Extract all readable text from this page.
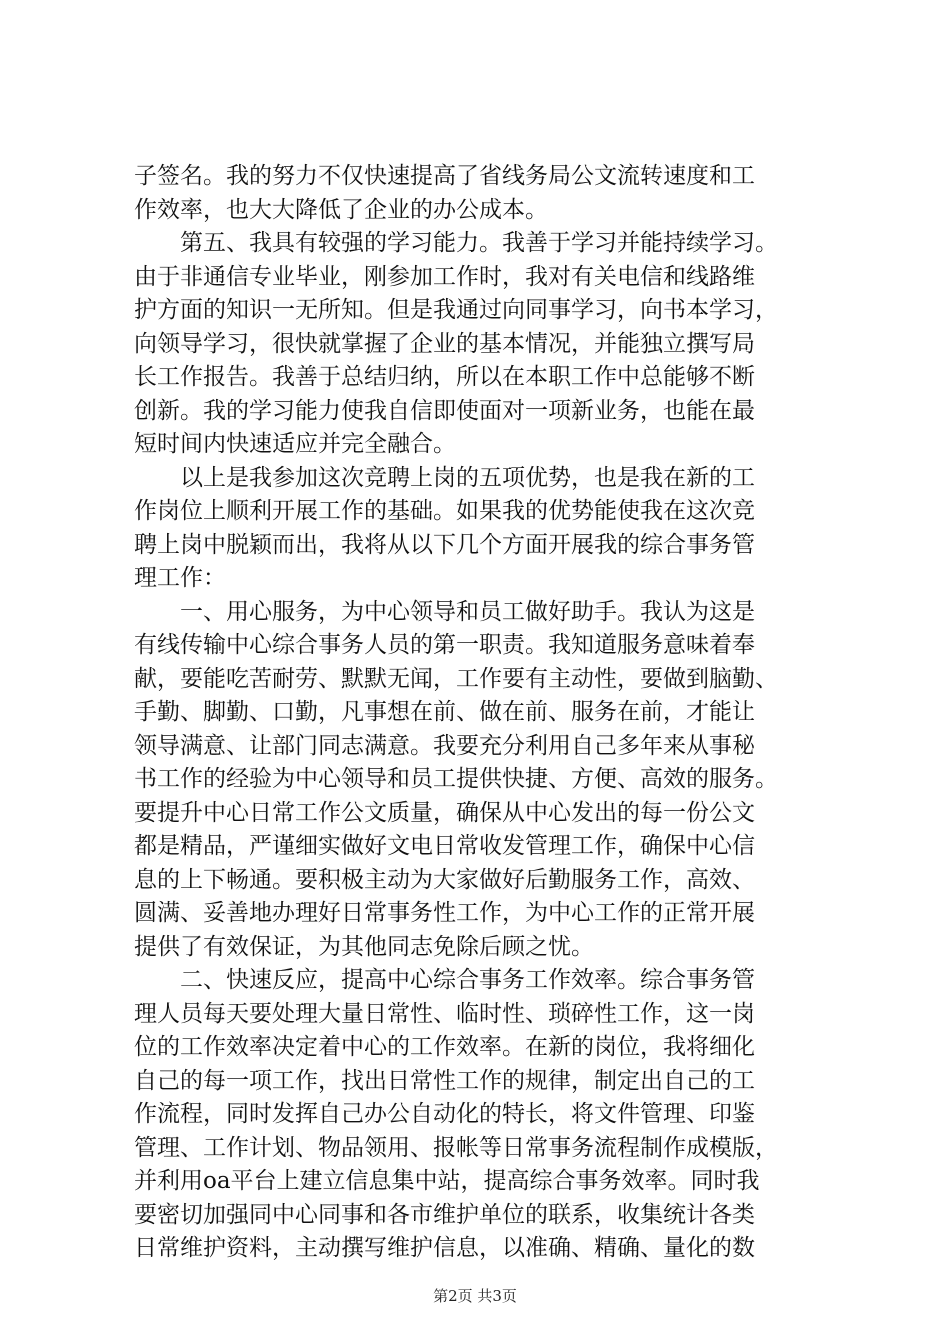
子签名。我的努力不仅快速提高了省线务局公文流转速度和工
作效率，也大大降低了企业的办公成本。
第五、我具有较强的学习能力。我善于学习并能持续学习。
由于非通信专业毕业，刚参加工作时，我对有关电信和线路维
护方面的知识一无所知。但是我通过向同事学习，向书本学习，
向领导学习，很快就掌握了企业的基本情况，并能独立撰写局
长工作报告。我善于总结归纳，所以在本职工作中总能够不断
创新。我的学习能力使我自信即使面对一项新业务，也能在最
短时间内快速适应并完全融合。
以上是我参加这次竞聘上岗的五项优势，也是我在新的工
作岗位上顺利开展工作的基础。如果我的优势能使我在这次竞
聘上岗中脱颖而出，我将从以下几个方面开展我的综合事务管
理工作：
一、用心服务，为中心领导和员工做好助手。我认为这是
有线传输中心综合事务人员的第一职责。我知道服务意味着奉
献，要能吃苦耐劳、默默无闻，工作要有主动性，要做到脑勤、
手勤、脚勤、口勤，凡事想在前、做在前、服务在前，才能让
领导满意、让部门同志满意。我要充分利用自己多年来从事秘
书工作的经验为中心领导和员工提供快捷、方便、高效的服务。
要提升中心日常工作公文质量，确保从中心发出的每一份公文
都是精品，严谨细实做好文电日常收发管理工作，确保中心信
息的上下畅通。要积极主动为大家做好后勤服务工作，高效、
圆满、妥善地办理好日常事务性工作，为中心工作的正常开展
提供了有效保证，为其他同志免除后顾之忧。
二、快速反应，提高中心综合事务工作效率。综合事务管
理人员每天要处理大量日常性、临时性、琐碎性工作，这一岗
位的工作效率决定着中心的工作效率。在新的岗位，我将细化
自己的每一项工作，找出日常性工作的规律，制定出自己的工
作流程，同时发挥自己办公自动化的特长，将文件管理、印鉴
管理、工作计划、物品领用、报帐等日常事务流程制作成模版，
并利用oa平台上建立信息集中站，提高综合事务效率。同时我
要密切加强同中心同事和各市维护单位的联系，收集统计各类
日常维护资料，主动撰写维护信息，以准确、精确、量化的数
第2页 共3页
